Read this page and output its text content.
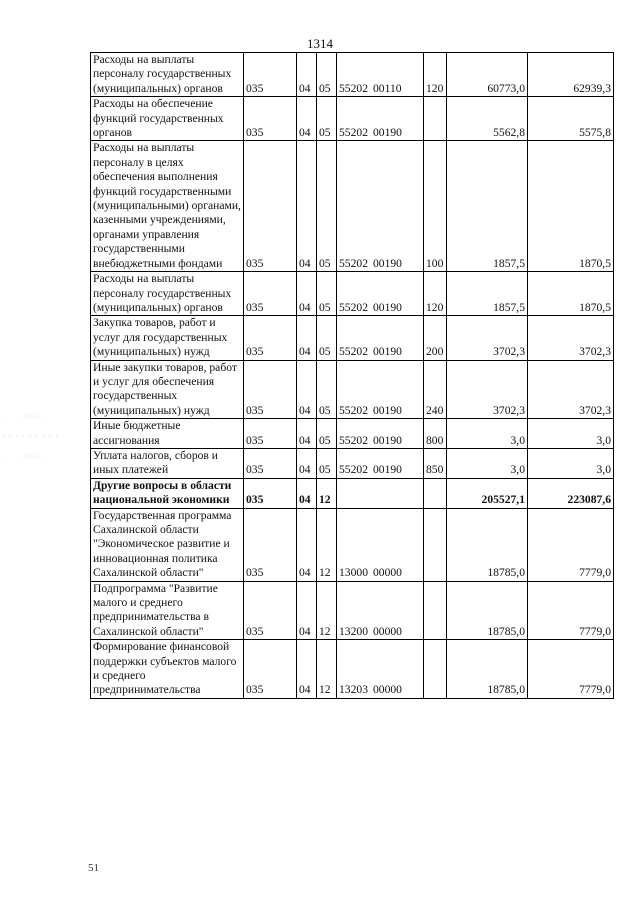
1314
· · · · · · · ·
· · · · · · · · ·
· · · · · · · ·
Расходы на выплаты персоналу государственных (муниципальных) органов	035	04	05	55202 00110	120	60773,0	62939,3
Расходы на обеспечение функций государственных органов	035	04	05	55202 00190		5562,8	5575,8
Расходы на выплаты персоналу в целях обеспечения выполнения функций государственными (муниципальными) органами, казенными учреждениями, органами управления государственными внебюджетными фондами	035	04	05	55202 00190	100	1857,5	1870,5
Расходы на выплаты персоналу государственных (муниципальных) органов	035	04	05	55202 00190	120	1857,5	1870,5
Закупка товаров, работ и услуг для государственных (муниципальных) нужд	035	04	05	55202 00190	200	3702,3	3702,3
Иные закупки товаров, работ и услуг для обеспечения государственных (муниципальных) нужд	035	04	05	55202 00190	240	3702,3	3702,3
Иные бюджетные ассигнования	035	04	05	55202 00190	800	3,0	3,0
Уплата налогов, сборов и иных платежей	035	04	05	55202 00190	850	3,0	3,0
Другие вопросы в области национальной экономики	035	04	12			205527,1	223087,6
Государственная программа Сахалинской области "Экономическое развитие и инновационная политика Сахалинской области"	035	04	12	13000 00000		18785,0	7779,0
Подпрограмма "Развитие малого и среднего предпринимательства в Сахалинской области"	035	04	12	13200 00000		18785,0	7779,0
Формирование финансовой поддержки субъектов малого и среднего предпринимательства	035	04	12	13203 00000		18785,0	7779,0
51
